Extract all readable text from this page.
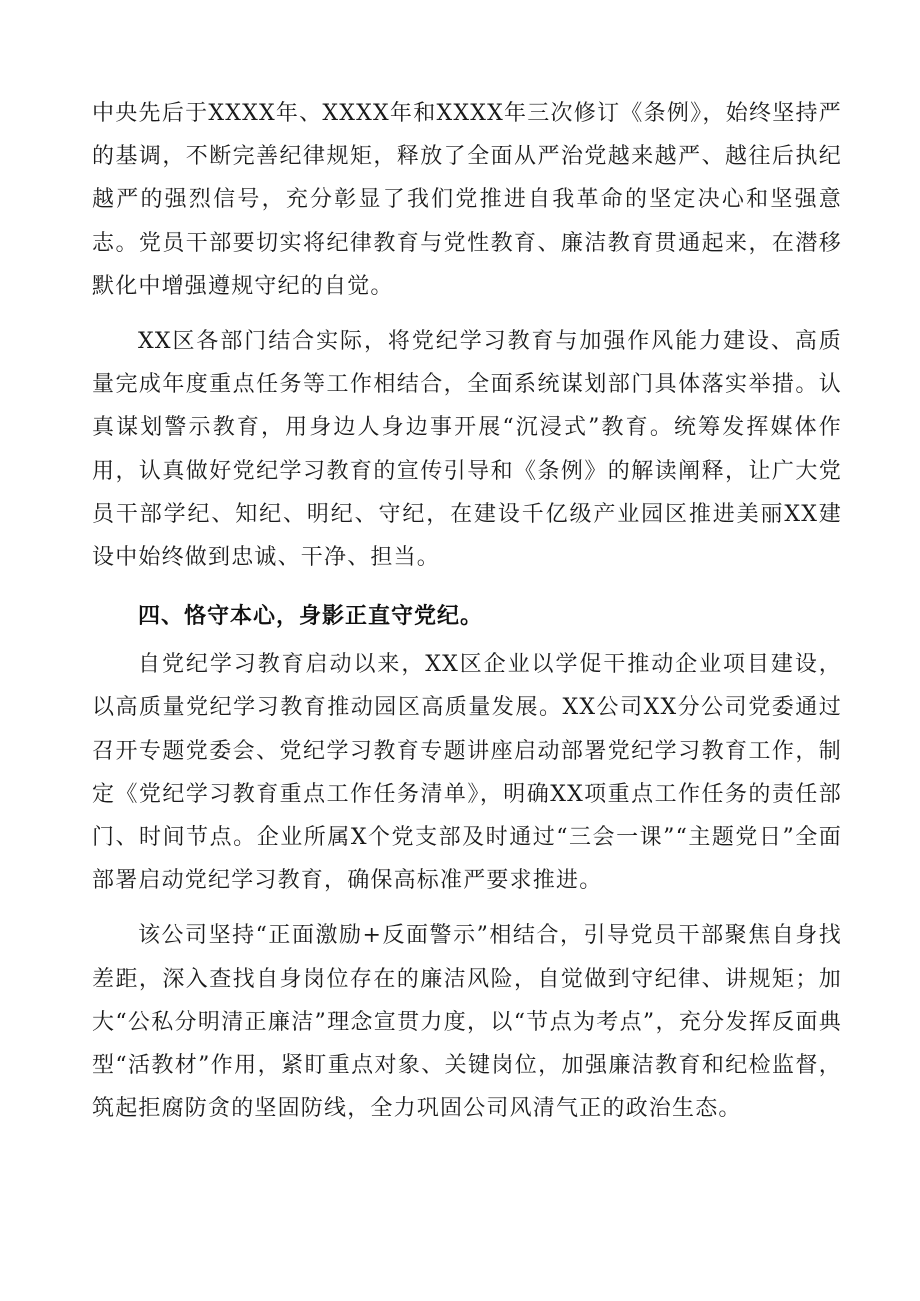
中央先后于XXXX年、XXXX年和XXXX年三次修订《条例》，始终坚持严的基调，不断完善纪律规矩，释放了全面从严治党越来越严、越往后执纪越严的强烈信号，充分彰显了我们党推进自我革命的坚定决心和坚强意志。党员干部要切实将纪律教育与党性教育、廉洁教育贯通起来，在潜移默化中增强遵规守纪的自觉。

XX区各部门结合实际，将党纪学习教育与加强作风能力建设、高质量完成年度重点任务等工作相结合，全面系统谋划部门具体落实举措。认真谋划警示教育，用身边人身边事开展“沉浸式”教育。统筹发挥媒体作用，认真做好党纪学习教育的宣传引导和《条例》的解读阐释，让广大党员干部学纪、知纪、明纪、守纪，在建设千亿级产业园区推进美丽XX建设中始终做到忠诚、干净、担当。

四、恪守本心，身影正直守党纪。

自党纪学习教育启动以来，XX区企业以学促干推动企业项目建设，以高质量党纪学习教育推动园区高质量发展。XX公司XX分公司党委通过召开专题党委会、党纪学习教育专题讲座启动部署党纪学习教育工作，制定《党纪学习教育重点工作任务清单》，明确XX项重点工作任务的责任部门、时间节点。企业所属X个党支部及时通过“三会一课”“主题党日”全面部署启动党纪学习教育，确保高标准严要求推进。

该公司坚持“正面激励+反面警示”相结合，引导党员干部聚焦自身找差距，深入查找自身岗位存在的廉洁风险，自觉做到守纪律、讲规矩；加大“公私分明清正廉洁”理念宣贯力度，以“节点为考点”，充分发挥反面典型“活教材”作用，紧盯重点对象、关键岗位，加强廉洁教育和纪检监督，筑起拒腐防贪的坚固防线，全力巩固公司风清气正的政治生态。
